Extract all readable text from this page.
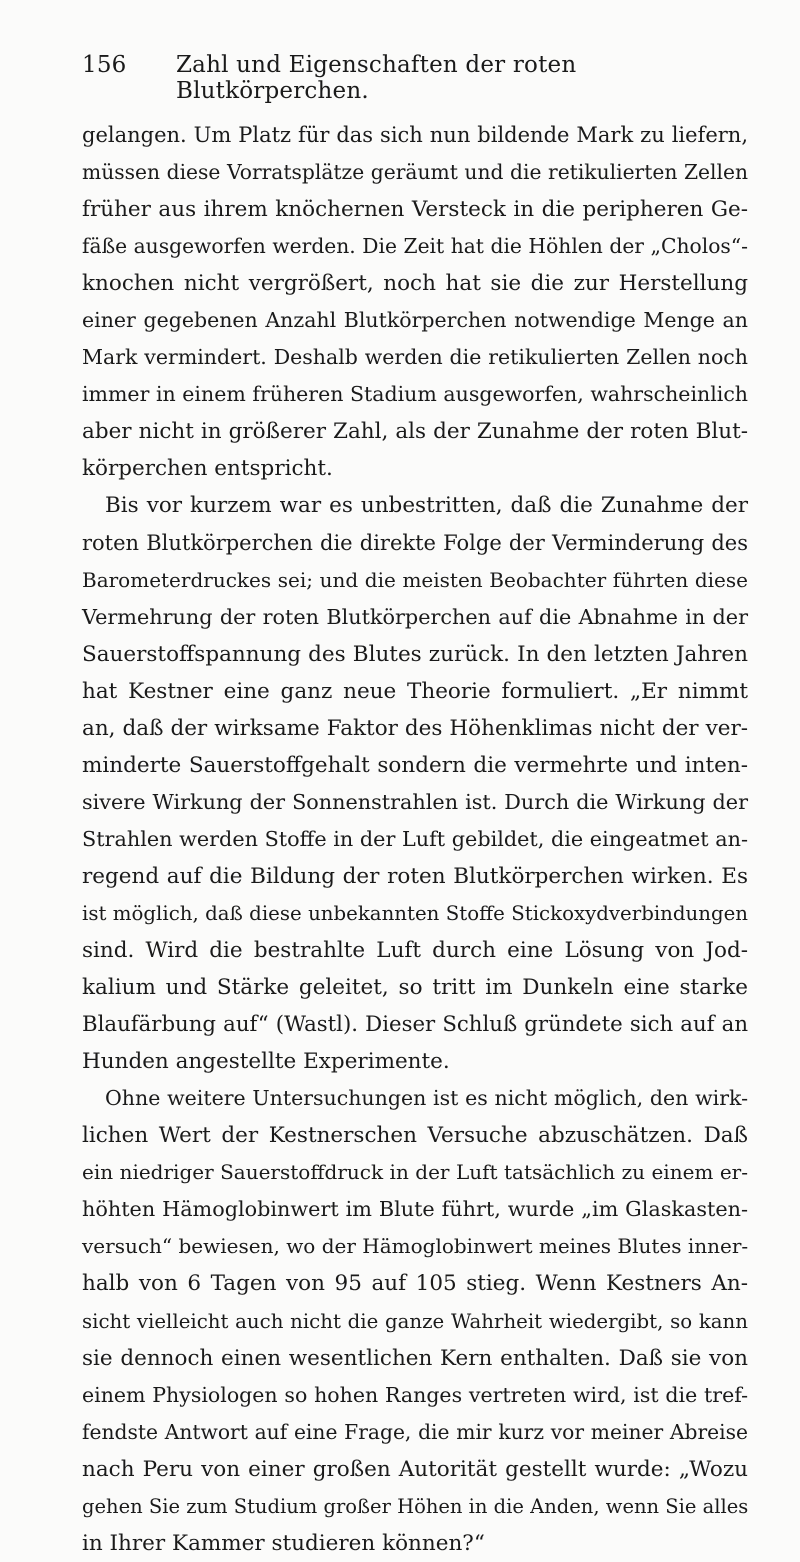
156	Zahl und Eigenschaften der roten Blutkörperchen.
gelangen. Um Platz für das sich nun bildende Mark zu liefern,
müssen diese Vorratsplätze geräumt und die retikulierten Zellen
früher aus ihrem knöchernen Versteck in die peripheren Ge-
fäße ausgeworfen werden. Die Zeit hat die Höhlen der „Cholos“-
knochen nicht vergrößert, noch hat sie die zur Herstellung
einer gegebenen Anzahl Blutkörperchen notwendige Menge an
Mark vermindert. Deshalb werden die retikulierten Zellen noch
immer in einem früheren Stadium ausgeworfen, wahrscheinlich
aber nicht in größerer Zahl, als der Zunahme der roten Blut-
körperchen entspricht.
Bis vor kurzem war es unbestritten, daß die Zunahme der
roten Blutkörperchen die direkte Folge der Verminderung des
Barometerdruckes sei; und die meisten Beobachter führten diese
Vermehrung der roten Blutkörperchen auf die Abnahme in der
Sauerstoffspannung des Blutes zurück. In den letzten Jahren
hat Kestner eine ganz neue Theorie formuliert. „Er nimmt
an, daß der wirksame Faktor des Höhenklimas nicht der ver-
minderte Sauerstoffgehalt sondern die vermehrte und inten-
sivere Wirkung der Sonnenstrahlen ist. Durch die Wirkung der
Strahlen werden Stoffe in der Luft gebildet, die eingeatmet an-
regend auf die Bildung der roten Blutkörperchen wirken. Es
ist möglich, daß diese unbekannten Stoffe Stickoxydverbindungen
sind. Wird die bestrahlte Luft durch eine Lösung von Jod-
kalium und Stärke geleitet, so tritt im Dunkeln eine starke
Blaufärbung auf“ (Wastl). Dieser Schluß gründete sich auf an
Hunden angestellte Experimente.
Ohne weitere Untersuchungen ist es nicht möglich, den wirk-
lichen Wert der Kestnerschen Versuche abzuschätzen. Daß
ein niedriger Sauerstoffdruck in der Luft tatsächlich zu einem er-
höhten Hämoglobinwert im Blute führt, wurde „im Glaskasten-
versuch“ bewiesen, wo der Hämoglobinwert meines Blutes inner-
halb von 6 Tagen von 95 auf 105 stieg. Wenn Kestners An-
sicht vielleicht auch nicht die ganze Wahrheit wiedergibt, so kann
sie dennoch einen wesentlichen Kern enthalten. Daß sie von
einem Physiologen so hohen Ranges vertreten wird, ist die tref-
fendste Antwort auf eine Frage, die mir kurz vor meiner Abreise
nach Peru von einer großen Autorität gestellt wurde: „Wozu
gehen Sie zum Studium großer Höhen in die Anden, wenn Sie alles
in Ihrer Kammer studieren können?“
